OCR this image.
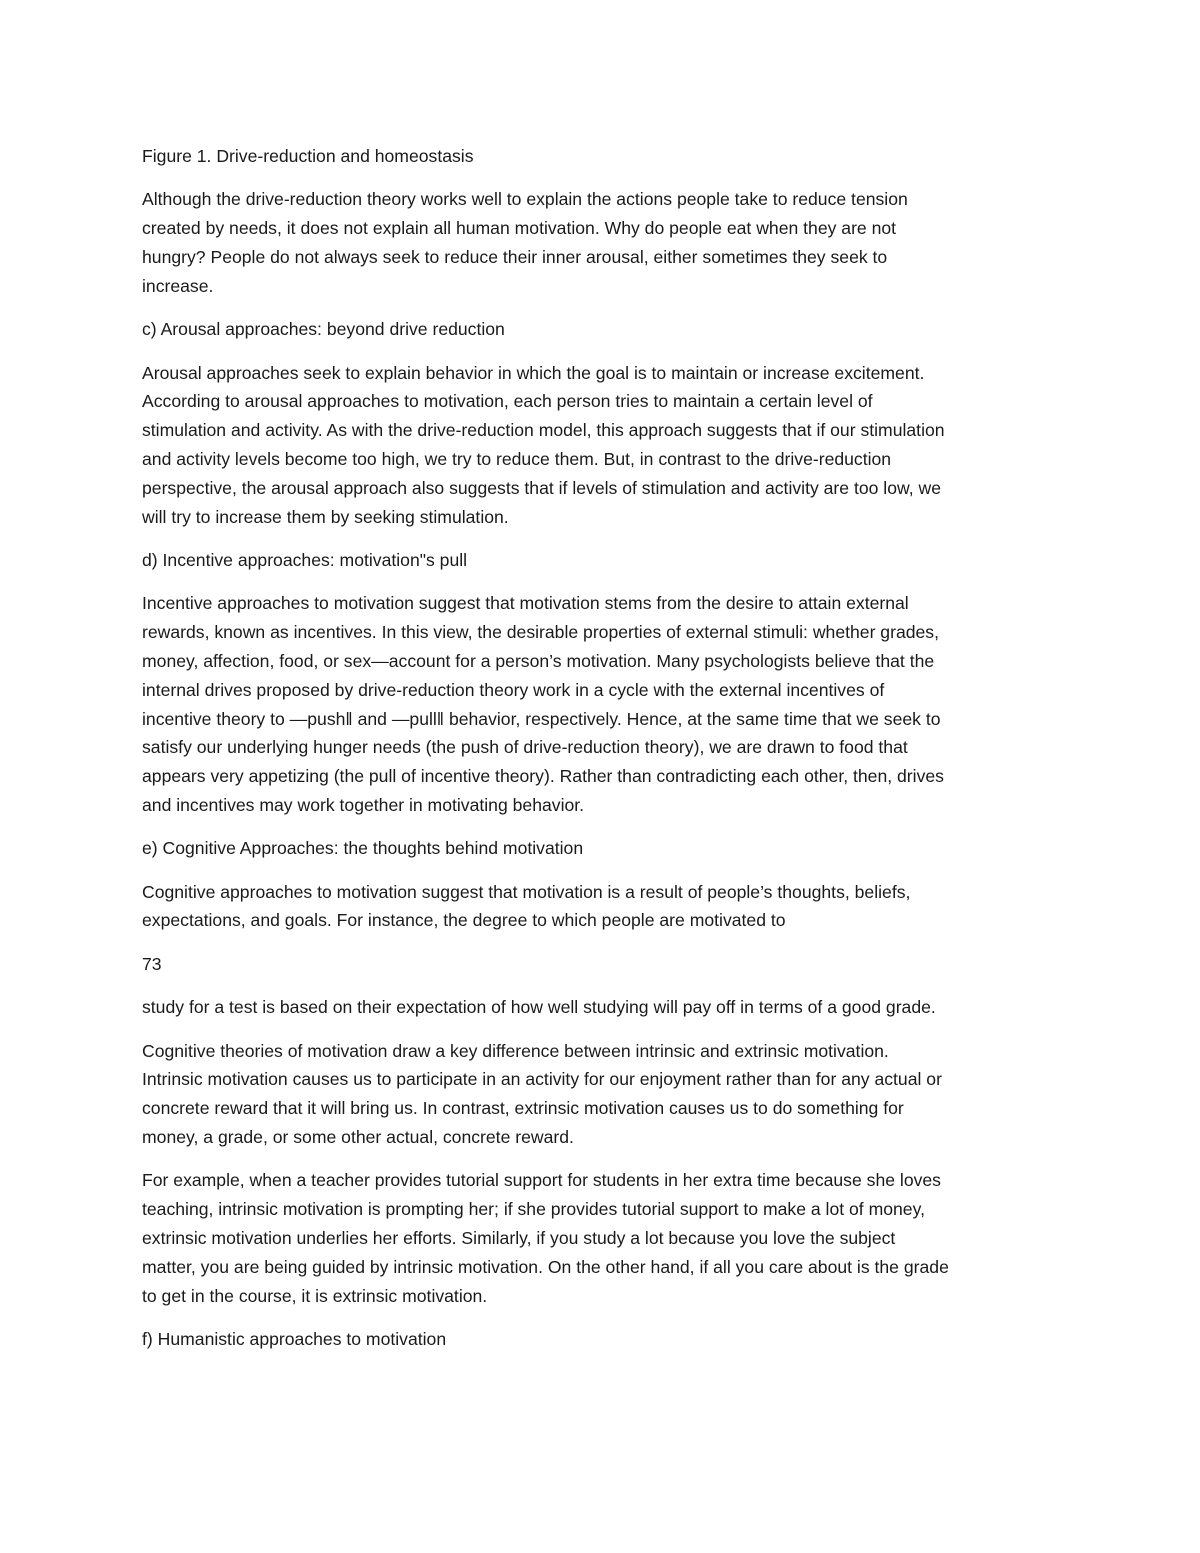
Figure 1. Drive-reduction and homeostasis

Although the drive-reduction theory works well to explain the actions people take to reduce tension
created by needs, it does not explain all human motivation. Why do people eat when they are not
hungry? People do not always seek to reduce their inner arousal, either sometimes they seek to
increase.

c) Arousal approaches: beyond drive reduction

Arousal approaches seek to explain behavior in which the goal is to maintain or increase excitement.
According to arousal approaches to motivation, each person tries to maintain a certain level of
stimulation and activity. As with the drive-reduction model, this approach suggests that if our stimulation
and activity levels become too high, we try to reduce them. But, in contrast to the drive-reduction
perspective, the arousal approach also suggests that if levels of stimulation and activity are too low, we
will try to increase them by seeking stimulation.

d) Incentive approaches: motivation"s pull

Incentive approaches to motivation suggest that motivation stems from the desire to attain external
rewards, known as incentives. In this view, the desirable properties of external stimuli: whether grades,
money, affection, food, or sex—account for a person’s motivation. Many psychologists believe that the
internal drives proposed by drive-reduction theory work in a cycle with the external incentives of
incentive theory to ―push‖ and ―pull‖ behavior, respectively. Hence, at the same time that we seek to
satisfy our underlying hunger needs (the push of drive-reduction theory), we are drawn to food that
appears very appetizing (the pull of incentive theory). Rather than contradicting each other, then, drives
and incentives may work together in motivating behavior.

e) Cognitive Approaches: the thoughts behind motivation

Cognitive approaches to motivation suggest that motivation is a result of people’s thoughts, beliefs,
expectations, and goals. For instance, the degree to which people are motivated to

73

study for a test is based on their expectation of how well studying will pay off in terms of a good grade.

Cognitive theories of motivation draw a key difference between intrinsic and extrinsic motivation.
Intrinsic motivation causes us to participate in an activity for our enjoyment rather than for any actual or
concrete reward that it will bring us. In contrast, extrinsic motivation causes us to do something for
money, a grade, or some other actual, concrete reward.

For example, when a teacher provides tutorial support for students in her extra time because she loves
teaching, intrinsic motivation is prompting her; if she provides tutorial support to make a lot of money,
extrinsic motivation underlies her efforts. Similarly, if you study a lot because you love the subject
matter, you are being guided by intrinsic motivation. On the other hand, if all you care about is the grade
to get in the course, it is extrinsic motivation.

f) Humanistic approaches to motivation
